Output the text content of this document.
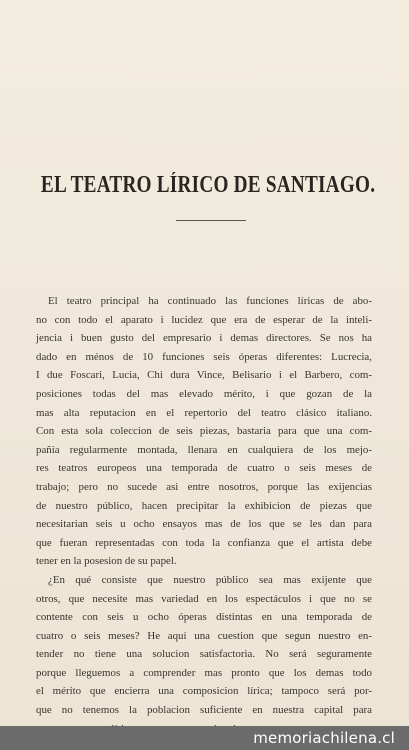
EL TEATRO LÍRICO DE SANTIAGO.
El teatro principal ha continuado las funciones líricas de abo-
no con todo el aparato i lucidez que era de esperar de la inteli-
jencia i buen gusto del empresario i demas directores. Se nos ha
dado en ménos de 10 funciones seis óperas diferentes: Lucrecia,
I due Foscari, Lucia, Chi dura Vince, Belisario i el Barbero, com-
posiciones todas del mas elevado mérito, i que gozan de la
mas alta reputacion en el repertorio del teatro clásico italiano.
Con esta sola coleccion de seis piezas, bastaria para que una com-
pañia regularmente montada, llenara en cualquiera de los mejo-
res teatros europeos una temporada de cuatro o seis meses de
trabajo; pero no sucede asi entre nosotros, porque las exijencias
de nuestro público, hacen precipitar la exhibicion de piezas que
necesitarian seis u ocho ensayos mas de los que se les dan para
que fueran representadas con toda la confianza que el artista debe
tener en la posesion de su papel.
¿En qué consiste que nuestro público sea mas exijente que
otros, que necesite mas variedad en los espectáculos i que no se
contente con seis u ocho óperas distintas en una temporada de
cuatro o seis meses? He aquí una cuestion que segun nuestro en-
tender no tiene una solucion satisfactoria. No será seguramente
porque lleguemos a comprender mas pronto que los demas todo
el mérito que encierra una composicion lírica; tampoco será por-
que no tenemos la poblacion suficiente en nuestra capital para
memoriachilena.cl
